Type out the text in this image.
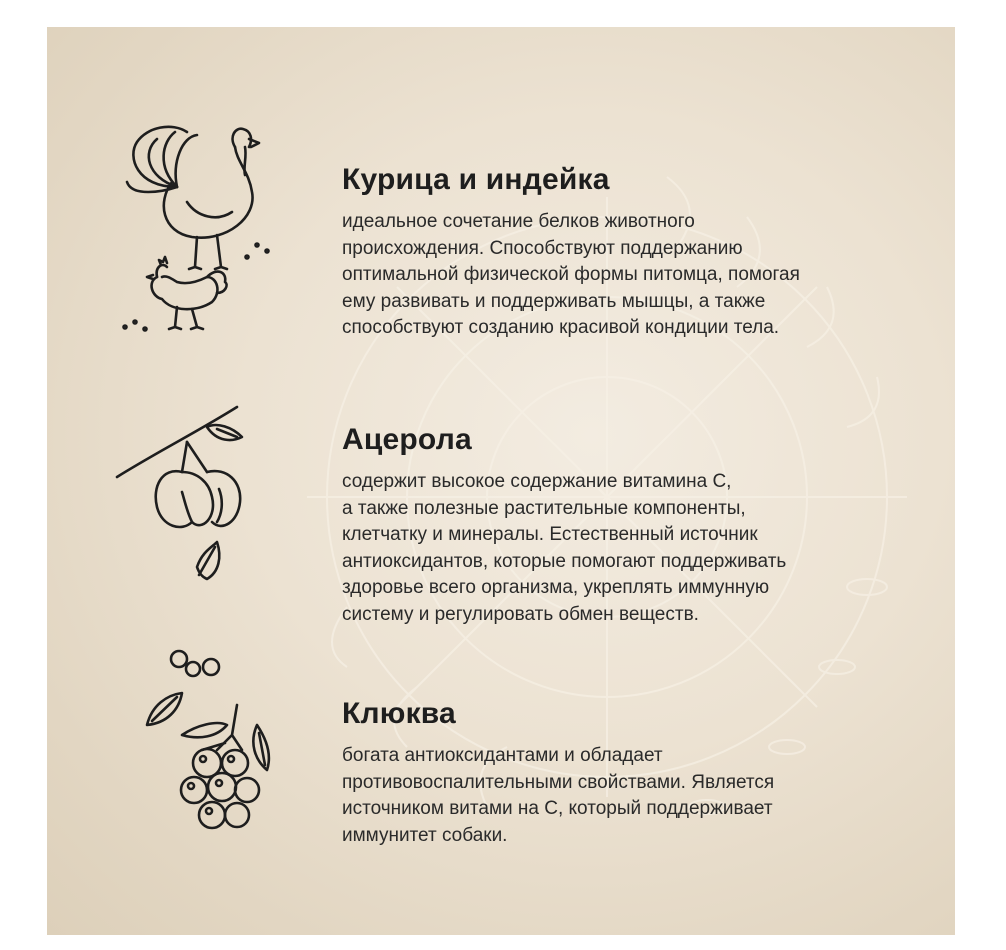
Курица и индейка

идеальное сочетание белков животного
происхождения. Способствуют поддержанию
оптимальной физической формы питомца, помогая
ему развивать и поддерживать мышцы, а также
способствуют созданию красивой кондиции тела.

Ацерола

содержит высокое содержание витамина С,
а также полезные растительные компоненты,
клетчатку и минералы. Естественный источник
антиоксидантов, которые помогают поддерживать
здоровье всего организма, укреплять иммунную
систему и регулировать обмен веществ.

Клюква

богата антиоксидантами и обладает
противовоспалительными свойствами. Является
источником витами на С, который поддерживает
иммунитет собаки.
